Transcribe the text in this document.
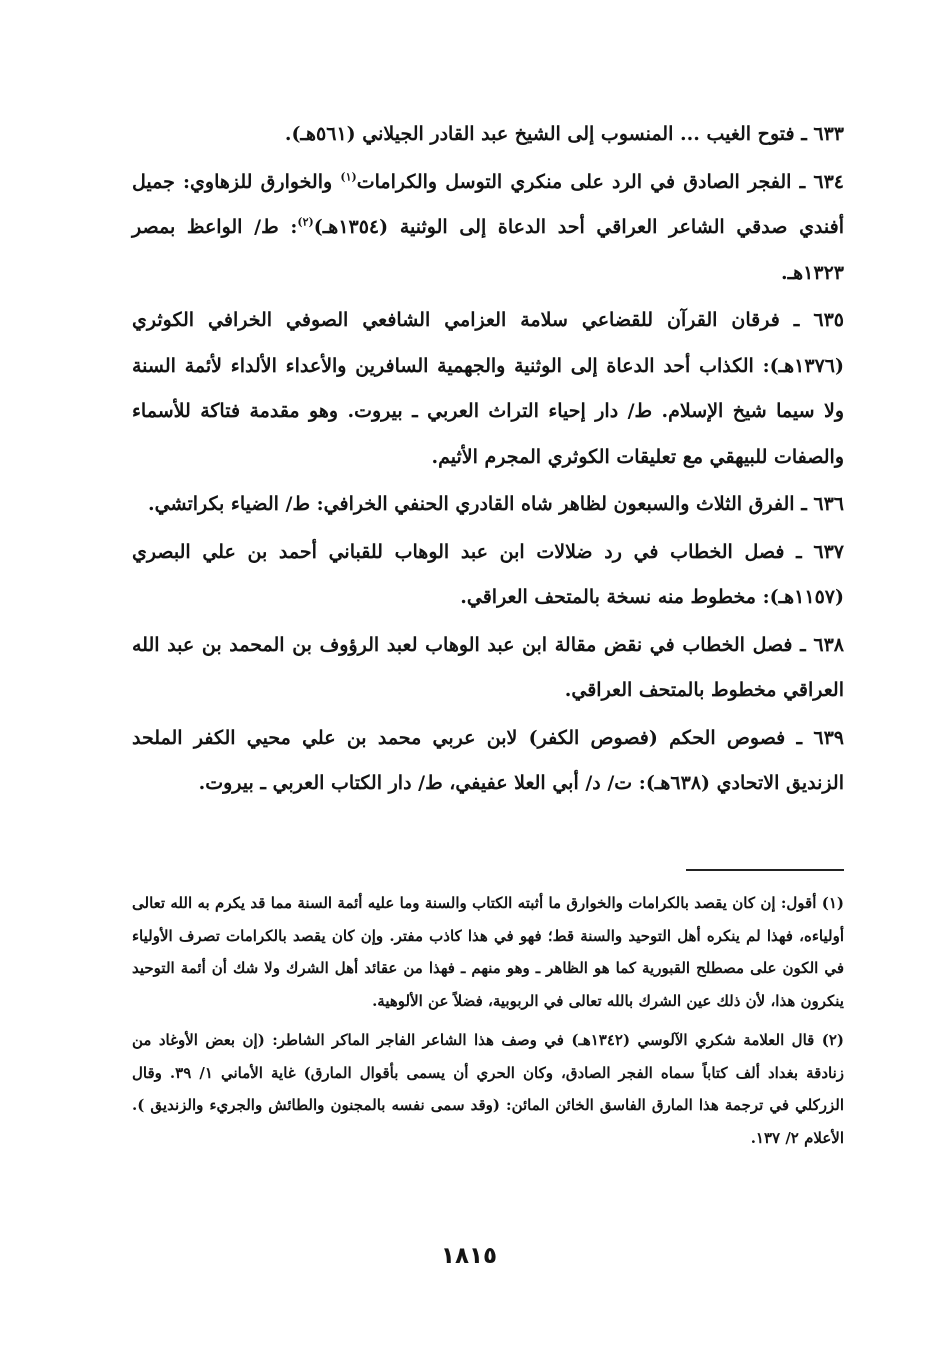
٦٣٣ ـ فتوح الغيب ... المنسوب إلى الشيخ عبد القادر الجيلاني (٥٦١هـ).

٦٣٤ ـ الفجر الصادق في الرد على منكري التوسل والكرامات$^{(١)}$ والخوارق للزهاوي: جميل أفندي صدقي الشاعر العراقي أحد الدعاة إلى الوثنية (١٣٥٤هـ)$^{(٢)}$: ط/ الواعظ بمصر ١٣٢٣هـ.

٦٣٥ ـ فرقان القرآن للقضاعي سلامة العزامي الشافعي الصوفي الخرافي الكوثري (١٣٧٦هـ): الكذاب أحد الدعاة إلى الوثنية والجهمية السافرين والأعداء الألداء لأئمة السنة ولا سيما شيخ الإسلام. ط/ دار إحياء التراث العربي ـ بيروت. وهو مقدمة فتاكة للأسماء والصفات للبيهقي مع تعليقات الكوثري المجرم الأثيم.

٦٣٦ ـ الفرق الثلاث والسبعون لظاهر شاه القادري الحنفي الخرافي: ط/ الضياء بكراتشي.

٦٣٧ ـ فصل الخطاب في رد ضلالات ابن عبد الوهاب للقباني أحمد بن علي البصري (١١٥٧هـ): مخطوط منه نسخة بالمتحف العراقي.

٦٣٨ ـ فصل الخطاب في نقض مقالة ابن عبد الوهاب لعبد الرؤوف بن المحمد بن عبد الله العراقي مخطوط بالمتحف العراقي.

٦٣٩ ـ فصوص الحكم (فصوص الكفر) لابن عربي محمد بن علي محيي الكفر الملحد الزنديق الاتحادي (٦٣٨هـ): ت/ د/ أبي العلا عفيفي، ط/ دار الكتاب العربي ـ بيروت.

(١) أقول: إن كان يقصد بالكرامات والخوارق ما أثبته الكتاب والسنة وما عليه أئمة السنة مما قد يكرم به الله تعالى أولياءه، فهذا لم ينكره أهل التوحيد والسنة قط؛ فهو في هذا كاذب مفتر. وإن كان يقصد بالكرامات تصرف الأولياء في الكون على مصطلح القبورية كما هو الظاهر ـ وهو منهم ـ فهذا من عقائد أهل الشرك ولا شك أن أئمة التوحيد ينكرون هذا، لأن ذلك عين الشرك بالله تعالى في الربوبية، فضلاً عن الألوهية.

(٢) قال العلامة شكري الآلوسي (١٣٤٢هـ) في وصف هذا الشاعر الفاجر الماكر الشاطر: (إن بعض الأوغاد من زنادقة بغداد ألف كتاباً سماه الفجر الصادق، وكان الحري أن يسمى بأقوال المارق) غاية الأماني ١/ ٣٩. وقال الزركلي في ترجمة هذا المارق الفاسق الخائن المائن: (وقد سمى نفسه بالمجنون والطائش والجريء والزنديق ). الأعلام ٢/ ١٣٧.

١٨١٥
